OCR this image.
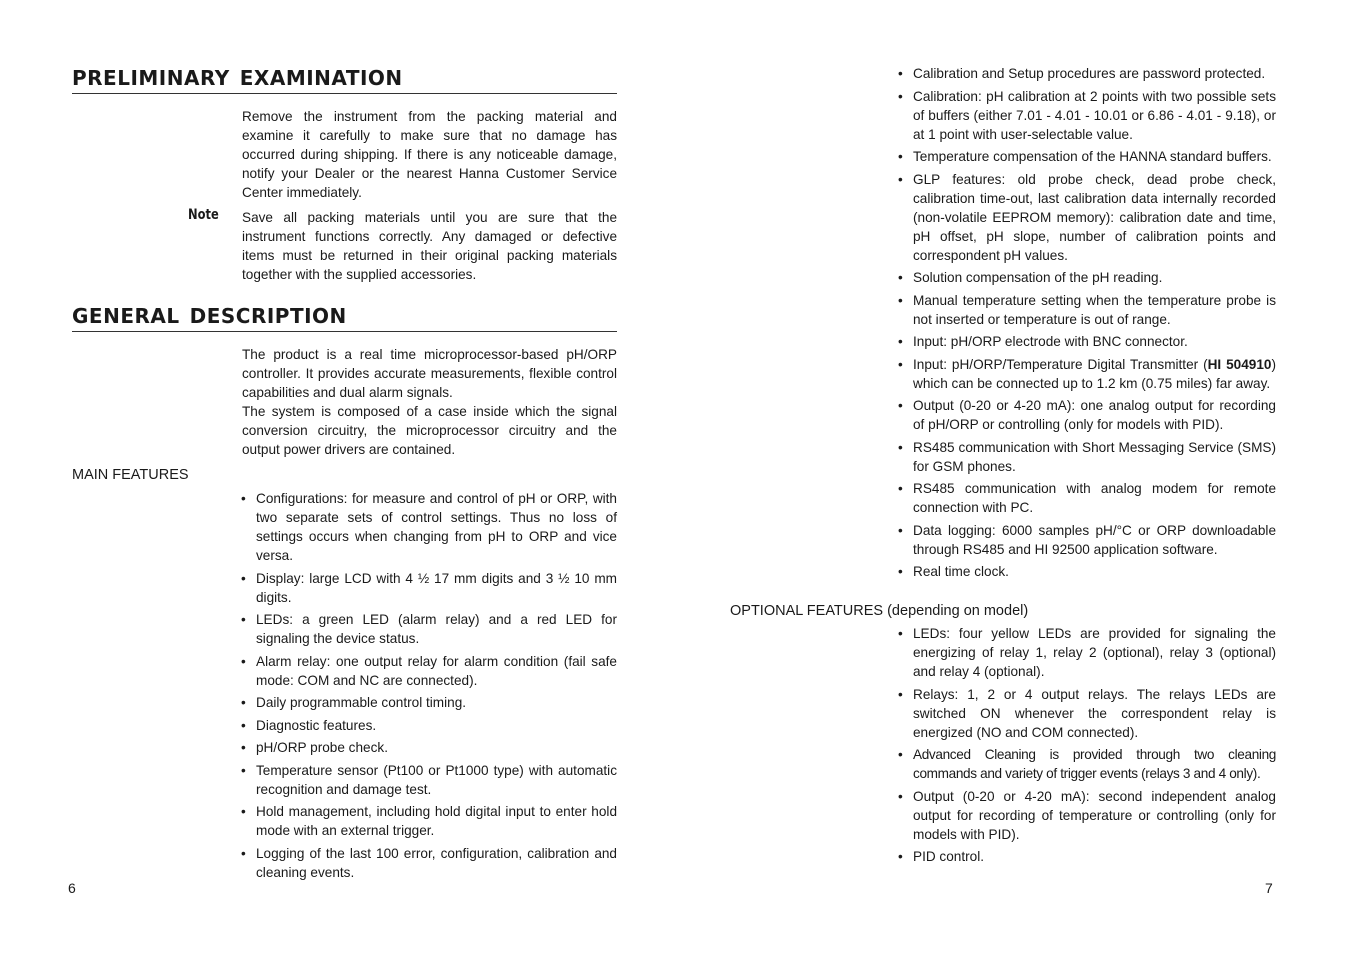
PRELIMINARY EXAMINATION

Remove the instrument from the packing material and examine it carefully to make sure that no damage has occurred during shipping. If there is any noticeable damage, notify your Dealer or the nearest Hanna Customer Service Center immediately.

Note Save all packing materials until you are sure that the instrument functions correctly. Any damaged or defective items must be returned in their original packing materials together with the supplied accessories.

GENERAL DESCRIPTION

The product is a real time microprocessor-based pH/ORP controller. It provides accurate measurements, flexible control capabilities and dual alarm signals.

The system is composed of a case inside which the signal conversion circuitry, the microprocessor circuitry and the output power drivers are contained.

MAIN FEATURES

• Configurations: for measure and control of pH or ORP, with two separate sets of control settings. Thus no loss of settings occurs when changing from pH to ORP and vice versa.
• Display: large LCD with 4 ½ 17 mm digits and 3 ½ 10 mm digits.
• LEDs: a green LED (alarm relay) and a red LED for signaling the device status.
• Alarm relay: one output relay for alarm condition (fail safe mode: COM and NC are connected).
• Daily programmable control timing.
• Diagnostic features.
• pH/ORP probe check.
• Temperature sensor (Pt100 or Pt1000 type) with automatic recognition and damage test.
• Hold management, including hold digital input to enter hold mode with an external trigger.
• Logging of the last 100 error, configuration, calibration and cleaning events.

6

• Calibration and Setup procedures are password protected.
• Calibration: pH calibration at 2 points with two possible sets of buffers (either 7.01 - 4.01 - 10.01 or 6.86 - 4.01 - 9.18), or at 1 point with user-selectable value.
• Temperature compensation of the HANNA standard buffers.
• GLP features: old probe check, dead probe check, calibration time-out, last calibration data internally recorded (non-volatile EEPROM memory): calibration date and time, pH offset, pH slope, number of calibration points and correspondent pH values.
• Solution compensation of the pH reading.
• Manual temperature setting when the temperature probe is not inserted or temperature is out of range.
• Input: pH/ORP electrode with BNC connector.
• Input: pH/ORP/Temperature Digital Transmitter (HI 504910) which can be connected up to 1.2 km (0.75 miles) far away.
• Output (0-20 or 4-20 mA): one analog output for recording of pH/ORP or controlling (only for models with PID).
• RS485 communication with Short Messaging Service (SMS) for GSM phones.
• RS485 communication with analog modem for remote connection with PC.
• Data logging: 6000 samples pH/°C or ORP downloadable through RS485 and HI 92500 application software.
• Real time clock.

OPTIONAL FEATURES (depending on model)

• LEDs: four yellow LEDs are provided for signaling the energizing of relay 1, relay 2 (optional), relay 3 (optional) and relay 4 (optional).
• Relays: 1, 2 or 4 output relays. The relays LEDs are switched ON whenever the correspondent relay is energized (NO and COM connected).
• Advanced Cleaning is provided through two cleaning commands and variety of trigger events (relays 3 and 4 only).
• Output (0-20 or 4-20 mA): second independent analog output for recording of temperature or controlling (only for models with PID).
• PID control.

7
